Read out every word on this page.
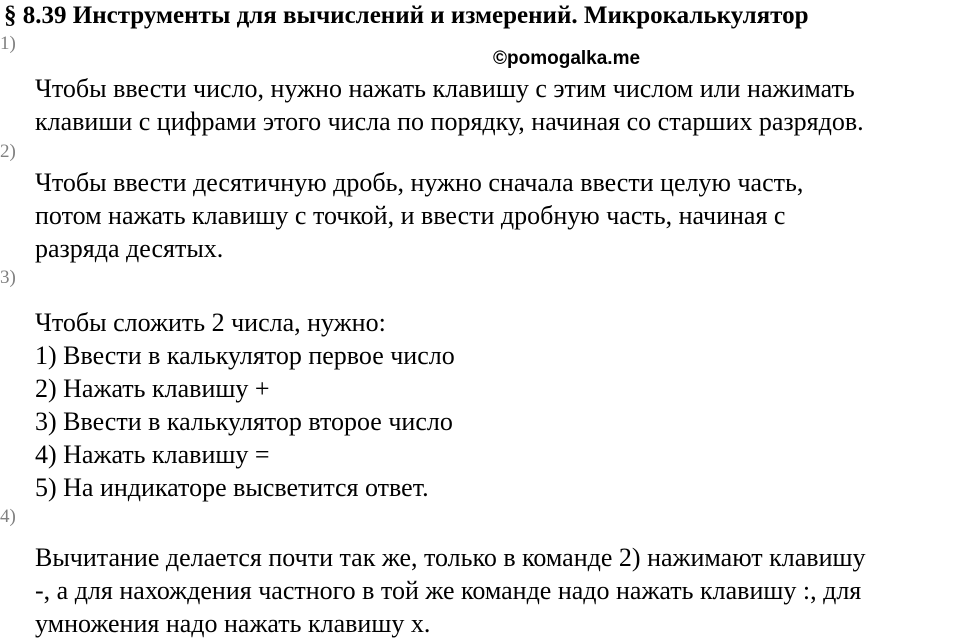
§ 8.39 Инструменты для вычислений и измерений. Микрокалькулятор
1)
©pomogalka.me
Чтобы ввести число, нужно нажать клавишу с этим числом или нажимать
клавиши с цифрами этого числа по порядку, начиная со старших разрядов.
2)
Чтобы ввести десятичную дробь, нужно сначала ввести целую часть,
потом нажать клавишу с точкой, и ввести дробную часть, начиная с
разряда десятых.
3)
Чтобы сложить 2 числа, нужно:
1) Ввести в калькулятор первое число
2) Нажать клавишу +
3) Ввести в калькулятор второе число
4) Нажать клавишу =
5) На индикаторе высветится ответ.
4)
Вычитание делается почти так же, только в команде 2) нажимают клавишу
-, а для нахождения частного в той же команде надо нажать клавишу :, для
умножения надо нажать клавишу x.
